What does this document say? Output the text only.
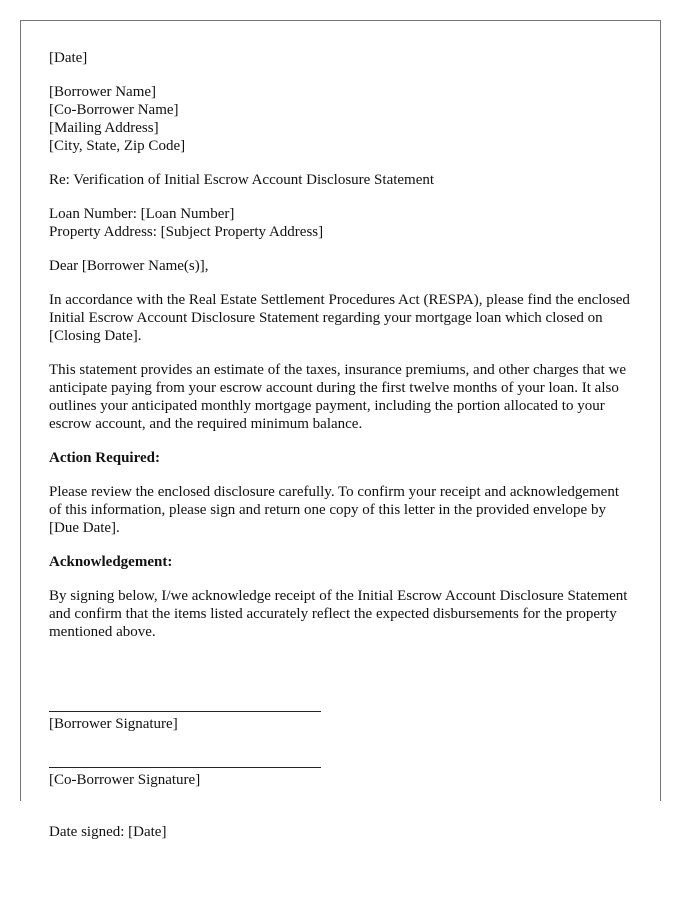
[Date]
[Borrower Name]
[Co-Borrower Name]
[Mailing Address]
[City, State, Zip Code]
Re: Verification of Initial Escrow Account Disclosure Statement
Loan Number: [Loan Number]
Property Address: [Subject Property Address]
Dear [Borrower Name(s)],

In accordance with the Real Estate Settlement Procedures Act (RESPA), please find the enclosed Initial Escrow Account Disclosure Statement regarding your mortgage loan which closed on [Closing Date].

This statement provides an estimate of the taxes, insurance premiums, and other charges that we anticipate paying from your escrow account during the first twelve months of your loan. It also outlines your anticipated monthly mortgage payment, including the portion allocated to your escrow account, and the required minimum balance.

Action Required:

Please review the enclosed disclosure carefully. To confirm your receipt and acknowledgement of this information, please sign and return one copy of this letter in the provided envelope by [Due Date].

Acknowledgement:

By signing below, I/we acknowledge receipt of the Initial Escrow Account Disclosure Statement and confirm that the items listed accurately reflect the expected disbursements for the property mentioned above.

[Borrower Signature]
[Co-Borrower Signature]
Date signed: [Date]
